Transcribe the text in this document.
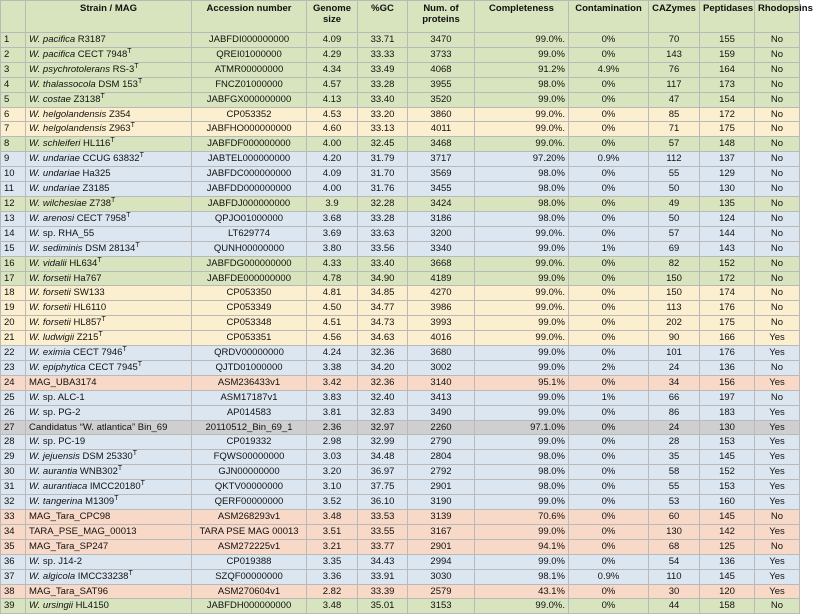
	Strain / MAG	Accession number	Genome size	%GC	Num. of proteins	Completeness	Contamination	CAZymes	Peptidases	Rhodopsins
1	W. pacifica R3187	JABFDI000000000	4.09	33.71	3470	99.0%.	0%	70	155	No
2	W. pacifica CECT $7948^T$	QREI01000000	4.29	33.33	3733	99.0%	0%	143	159	No
3	W. psychrotolerans $RS-3^T$	ATMR00000000	4.34	33.49	4068	91.2%	4.9%	76	164	No
4	W. thalassocola DSM $153^T$	FNCZ01000000	4.57	33.28	3955	98.0%	0%	117	173	No
5	W. costae $Z3138^T$	JABFGX000000000	4.13	33.40	3520	99.0%	0%	47	154	No
6	W. helgolandensis Z354	CP053352	4.53	33.20	3860	99.0%.	0%	85	172	No
7	W. helgolandensis $Z963^T$	JABFHO000000000	4.60	33.13	4011	99.0%.	0%	71	175	No
8	W. schleiferi $HL116^T$	JABFDF000000000	4.00	32.45	3468	99.0%.	0%	57	148	No
9	W. undariae CCUG $63832^T$	JABTEL000000000	4.20	31.79	3717	97.20%	0.9%	112	137	No
10	W. undariae Ha325	JABFDC000000000	4.09	31.70	3569	98.0%	0%	55	129	No
11	W. undariae Z3185	JABFDD000000000	4.00	31.76	3455	98.0%	0%	50	130	No
12	W. wilchesiae $Z738^T$	JABFDJ000000000	3.9	32.28	3424	98.0%	0%	49	135	No
13	W. arenosi CECT $7958^T$	QPJO01000000	3.68	33.28	3186	98.0%	0%	50	124	No
14	W. sp. RHA_55	LT629774	3.69	33.63	3200	99.0%.	0%	57	144	No
15	W. sediminis DSM $28134^T$	QUNH00000000	3.80	33.56	3340	99.0%	1%	69	143	No
16	W. vidalii $HL634^T$	JABFDG000000000	4.33	33.40	3668	99.0%.	0%	82	152	No
17	W. forsetii Ha767	JABFDE000000000	4.78	34.90	4189	99.0%	0%	150	172	No
18	W. forsetii SW133	CP053350	4.81	34.85	4270	99.0%.	0%	150	174	No
19	W. forsetii HL6110	CP053349	4.50	34.77	3986	99.0%.	0%	113	176	No
20	W. forsetii $HL857^T$	CP053348	4.51	34.73	3993	99.0%	0%	202	175	No
21	W. ludwigii $Z215^T$	CP053351	4.56	34.63	4016	99.0%.	0%	90	166	Yes
22	W. eximia CECT $7946^T$	QRDV00000000	4.24	32.36	3680	99.0%	0%	101	176	Yes
23	W. epiphytica CECT $7945^T$	QJTD01000000	3.38	34.20	3002	99.0%	2%	24	136	No
24	MAG_UBA3174	ASM236433v1	3.42	32.36	3140	95.1%	0%	34	156	Yes
25	W. sp. ALC-1	ASM17187v1	3.83	32.40	3413	99.0%	1%	66	197	No
26	W. sp. PG-2	AP014583	3.81	32.83	3490	99.0%	0%	86	183	Yes
27	Candidatus “W. atlantica” Bin_69	20110512_Bin_69_1	2.36	32.97	2260	97.1.0%	0%	24	130	Yes
28	W. sp. PC-19	CP019332	2.98	32.99	2790	99.0%	0%	28	153	Yes
29	W. jejuensis DSM $25330^T$	FQWS00000000	3.03	34.48	2804	98.0%	0%	35	145	Yes
30	W. aurantia $WNB302^T$	GJN00000000	3.20	36.97	2792	98.0%	0%	58	152	Yes
31	W. aurantiaca $IMCC20180^T$	QKTV00000000	3.10	37.75	2901	98.0%	0%	55	153	Yes
32	W. tangerina $M1309^T$	QERF00000000	3.52	36.10	3190	99.0%	0%	53	160	Yes
33	MAG_Tara_CPC98	ASM268293v1	3.48	33.53	3139	70.6%	0%	60	145	No
34	TARA_PSE_MAG_00013	TARA PSE MAG 00013	3.51	33.55	3167	99.0%	0%	130	142	Yes
35	MAG_Tara_SP247	ASM272225v1	3.21	33.77	2901	94.1%	0%	68	125	No
36	W. sp. J14-2	CP019388	3.35	34.43	2994	99.0%	0%	54	136	Yes
37	W. algicola $IMCC33238^T$	SZQF00000000	3.36	33.91	3030	98.1%	0.9%	110	145	Yes
38	MAG_Tara_SAT96	ASM270604v1	2.82	33.39	2579	43.1%	0%	30	120	Yes
39	W. ursingii HL4150	JABFDH000000000	3.48	35.01	3153	99.0%.	0%	44	158	No
